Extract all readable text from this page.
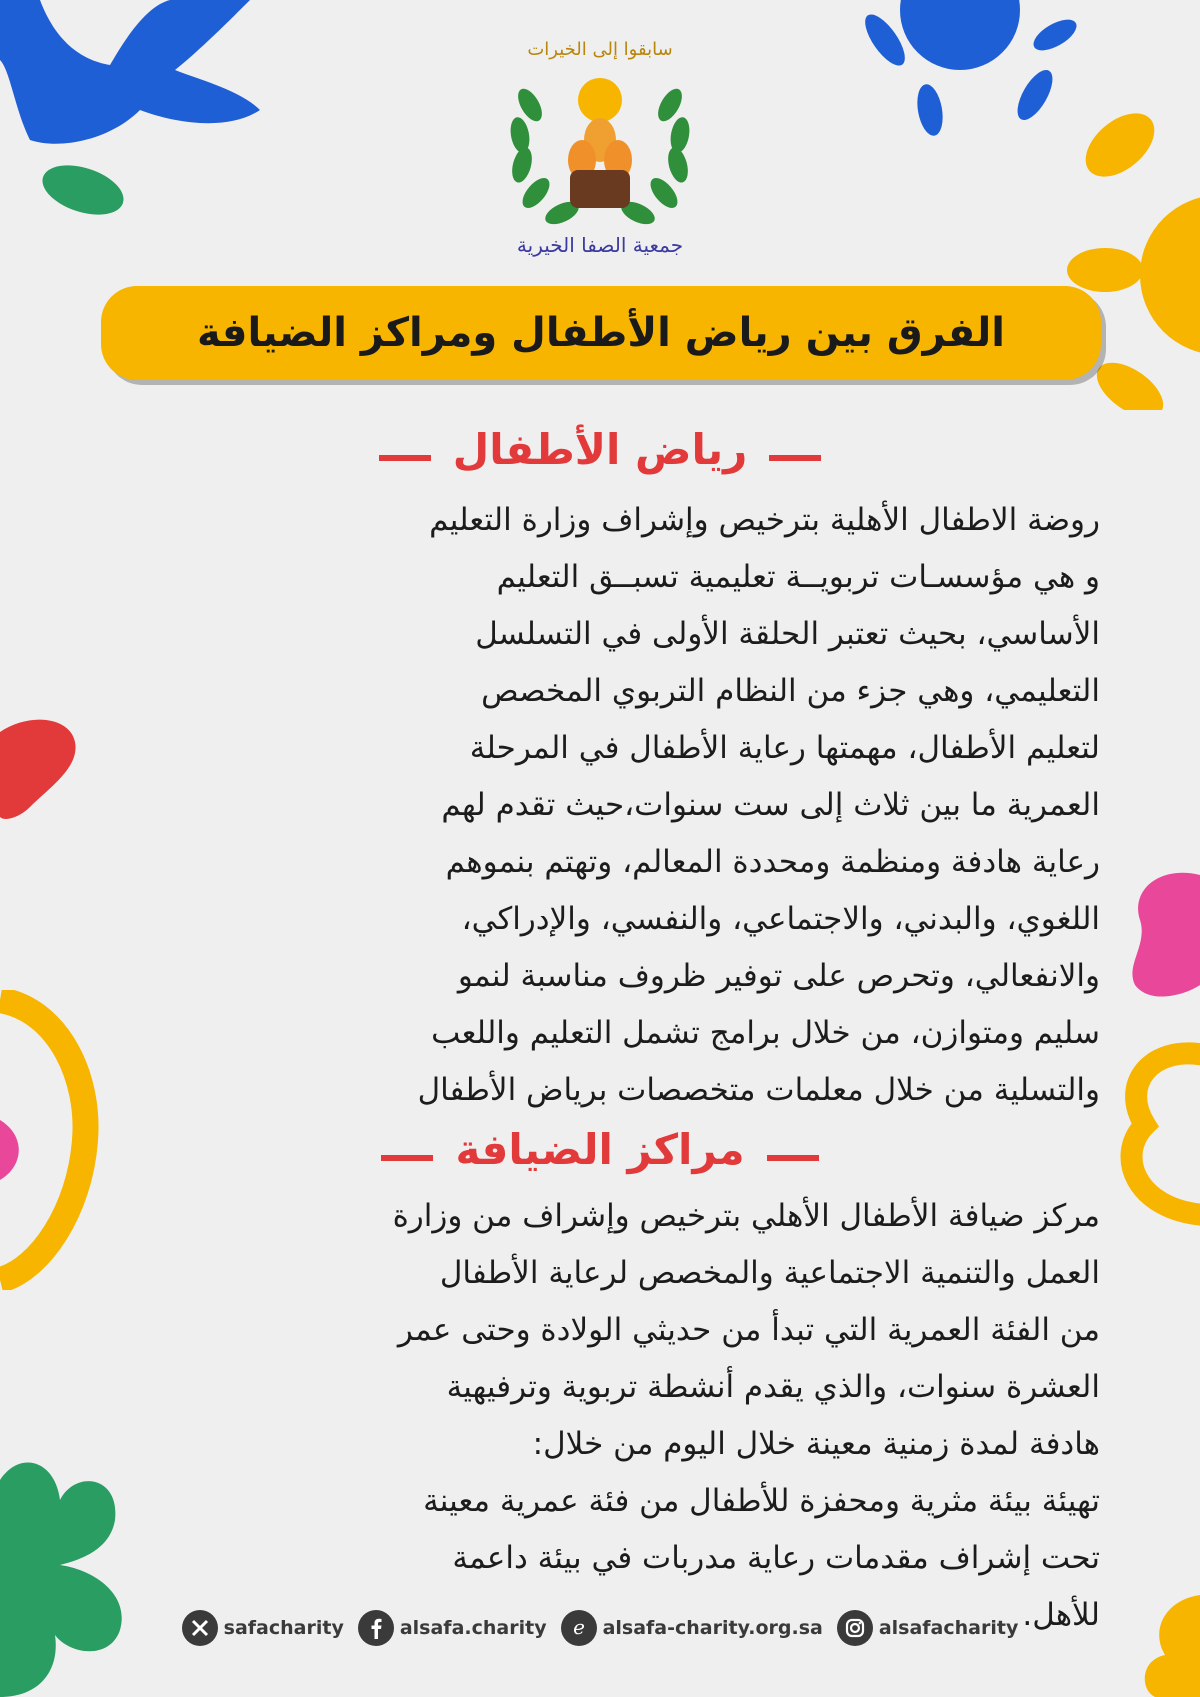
سابقوا إلى الخيرات
جمعية الصفا الخيرية
الفرق بين رياض الأطفال ومراكز الضيافة
رياض الأطفال

روضة الاطفال الأهلية بترخيص وإشراف وزارة التعليم

و هي مؤسسـات تربويــة تعليمية تسبــق التعليم

الأساسي، بحيث تعتبر الحلقة الأولى في التسلسل

التعليمي، وهي جزء من النظام التربوي المخصص

لتعليم الأطفال، مهمتها رعاية الأطفال في المرحلة

العمرية ما بين ثلاث إلى ست سنوات،حيث تقدم لهم

رعاية هادفة ومنظمة ومحددة المعالم، وتهتم بنموهم

اللغوي، والبدني، والاجتماعي، والنفسي، والإدراكي،

والانفعالي، وتحرص على توفير ظروف مناسبة لنمو

سليم ومتوازن، من خلال برامج تشمل التعليم واللعب

والتسلية من خلال معلمات متخصصات برياض الأطفال

مراكز الضيافة

مركز ضيافة الأطفال الأهلي بترخيص وإشراف من وزارة

العمل والتنمية الاجتماعية والمخصص لرعاية الأطفال

من الفئة العمرية التي تبدأ من حديثي الولادة وحتى عمر

العشرة سنوات، والذي يقدم أنشطة تربوية وترفيهية

هادفة لمدة زمنية معينة خلال اليوم من خلال:

تهيئة بيئة مثرية ومحفزة للأطفال من فئة عمرية معينة

تحت إشراف مقدمات رعاية مدربات في بيئة داعمة

للأهل.

safacharity	alsafa.charity e alsafa-charity.org.sa	alsafacharity
